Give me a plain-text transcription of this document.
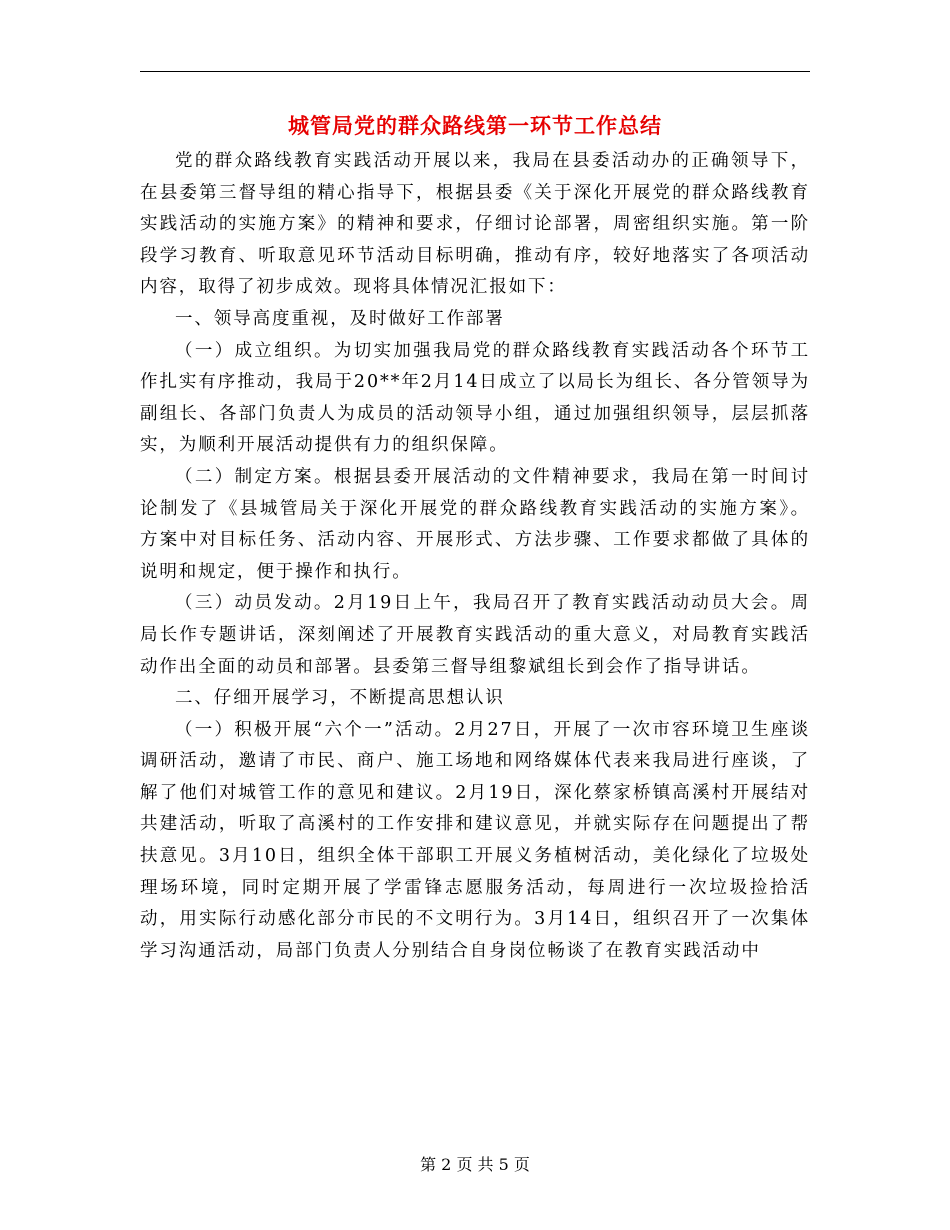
城管局党的群众路线第一环节工作总结

党的群众路线教育实践活动开展以来，我局在县委活动办的正确领导下，在县委第三督导组的精心指导下，根据县委《关于深化开展党的群众路线教育实践活动的实施方案》的精神和要求，仔细讨论部署，周密组织实施。第一阶段学习教育、听取意见环节活动目标明确，推动有序，较好地落实了各项活动内容，取得了初步成效。现将具体情况汇报如下：

一、领导高度重视，及时做好工作部署

（一）成立组织。为切实加强我局党的群众路线教育实践活动各个环节工作扎实有序推动，我局于20**年2月14日成立了以局长为组长、各分管领导为副组长、各部门负责人为成员的活动领导小组，通过加强组织领导，层层抓落实，为顺利开展活动提供有力的组织保障。

（二）制定方案。根据县委开展活动的文件精神要求，我局在第一时间讨论制发了《县城管局关于深化开展党的群众路线教育实践活动的实施方案》。方案中对目标任务、活动内容、开展形式、方法步骤、工作要求都做了具体的说明和规定，便于操作和执行。

（三）动员发动。2月19日上午，我局召开了教育实践活动动员大会。周局长作专题讲话，深刻阐述了开展教育实践活动的重大意义，对局教育实践活动作出全面的动员和部署。县委第三督导组黎斌组长到会作了指导讲话。

二、仔细开展学习，不断提高思想认识

（一）积极开展“六个一”活动。2月27日，开展了一次市容环境卫生座谈调研活动，邀请了市民、商户、施工场地和网络媒体代表来我局进行座谈，了解了他们对城管工作的意见和建议。2月19日，深化蔡家桥镇高溪村开展结对共建活动，听取了高溪村的工作安排和建议意见，并就实际存在问题提出了帮扶意见。3月10日，组织全体干部职工开展义务植树活动，美化绿化了垃圾处理场环境，同时定期开展了学雷锋志愿服务活动，每周进行一次垃圾捡拾活动，用实际行动感化部分市民的不文明行为。3月14日，组织召开了一次集体学习沟通活动，局部门负责人分别结合自身岗位畅谈了在教育实践活动中

第 2 页 共 5 页
